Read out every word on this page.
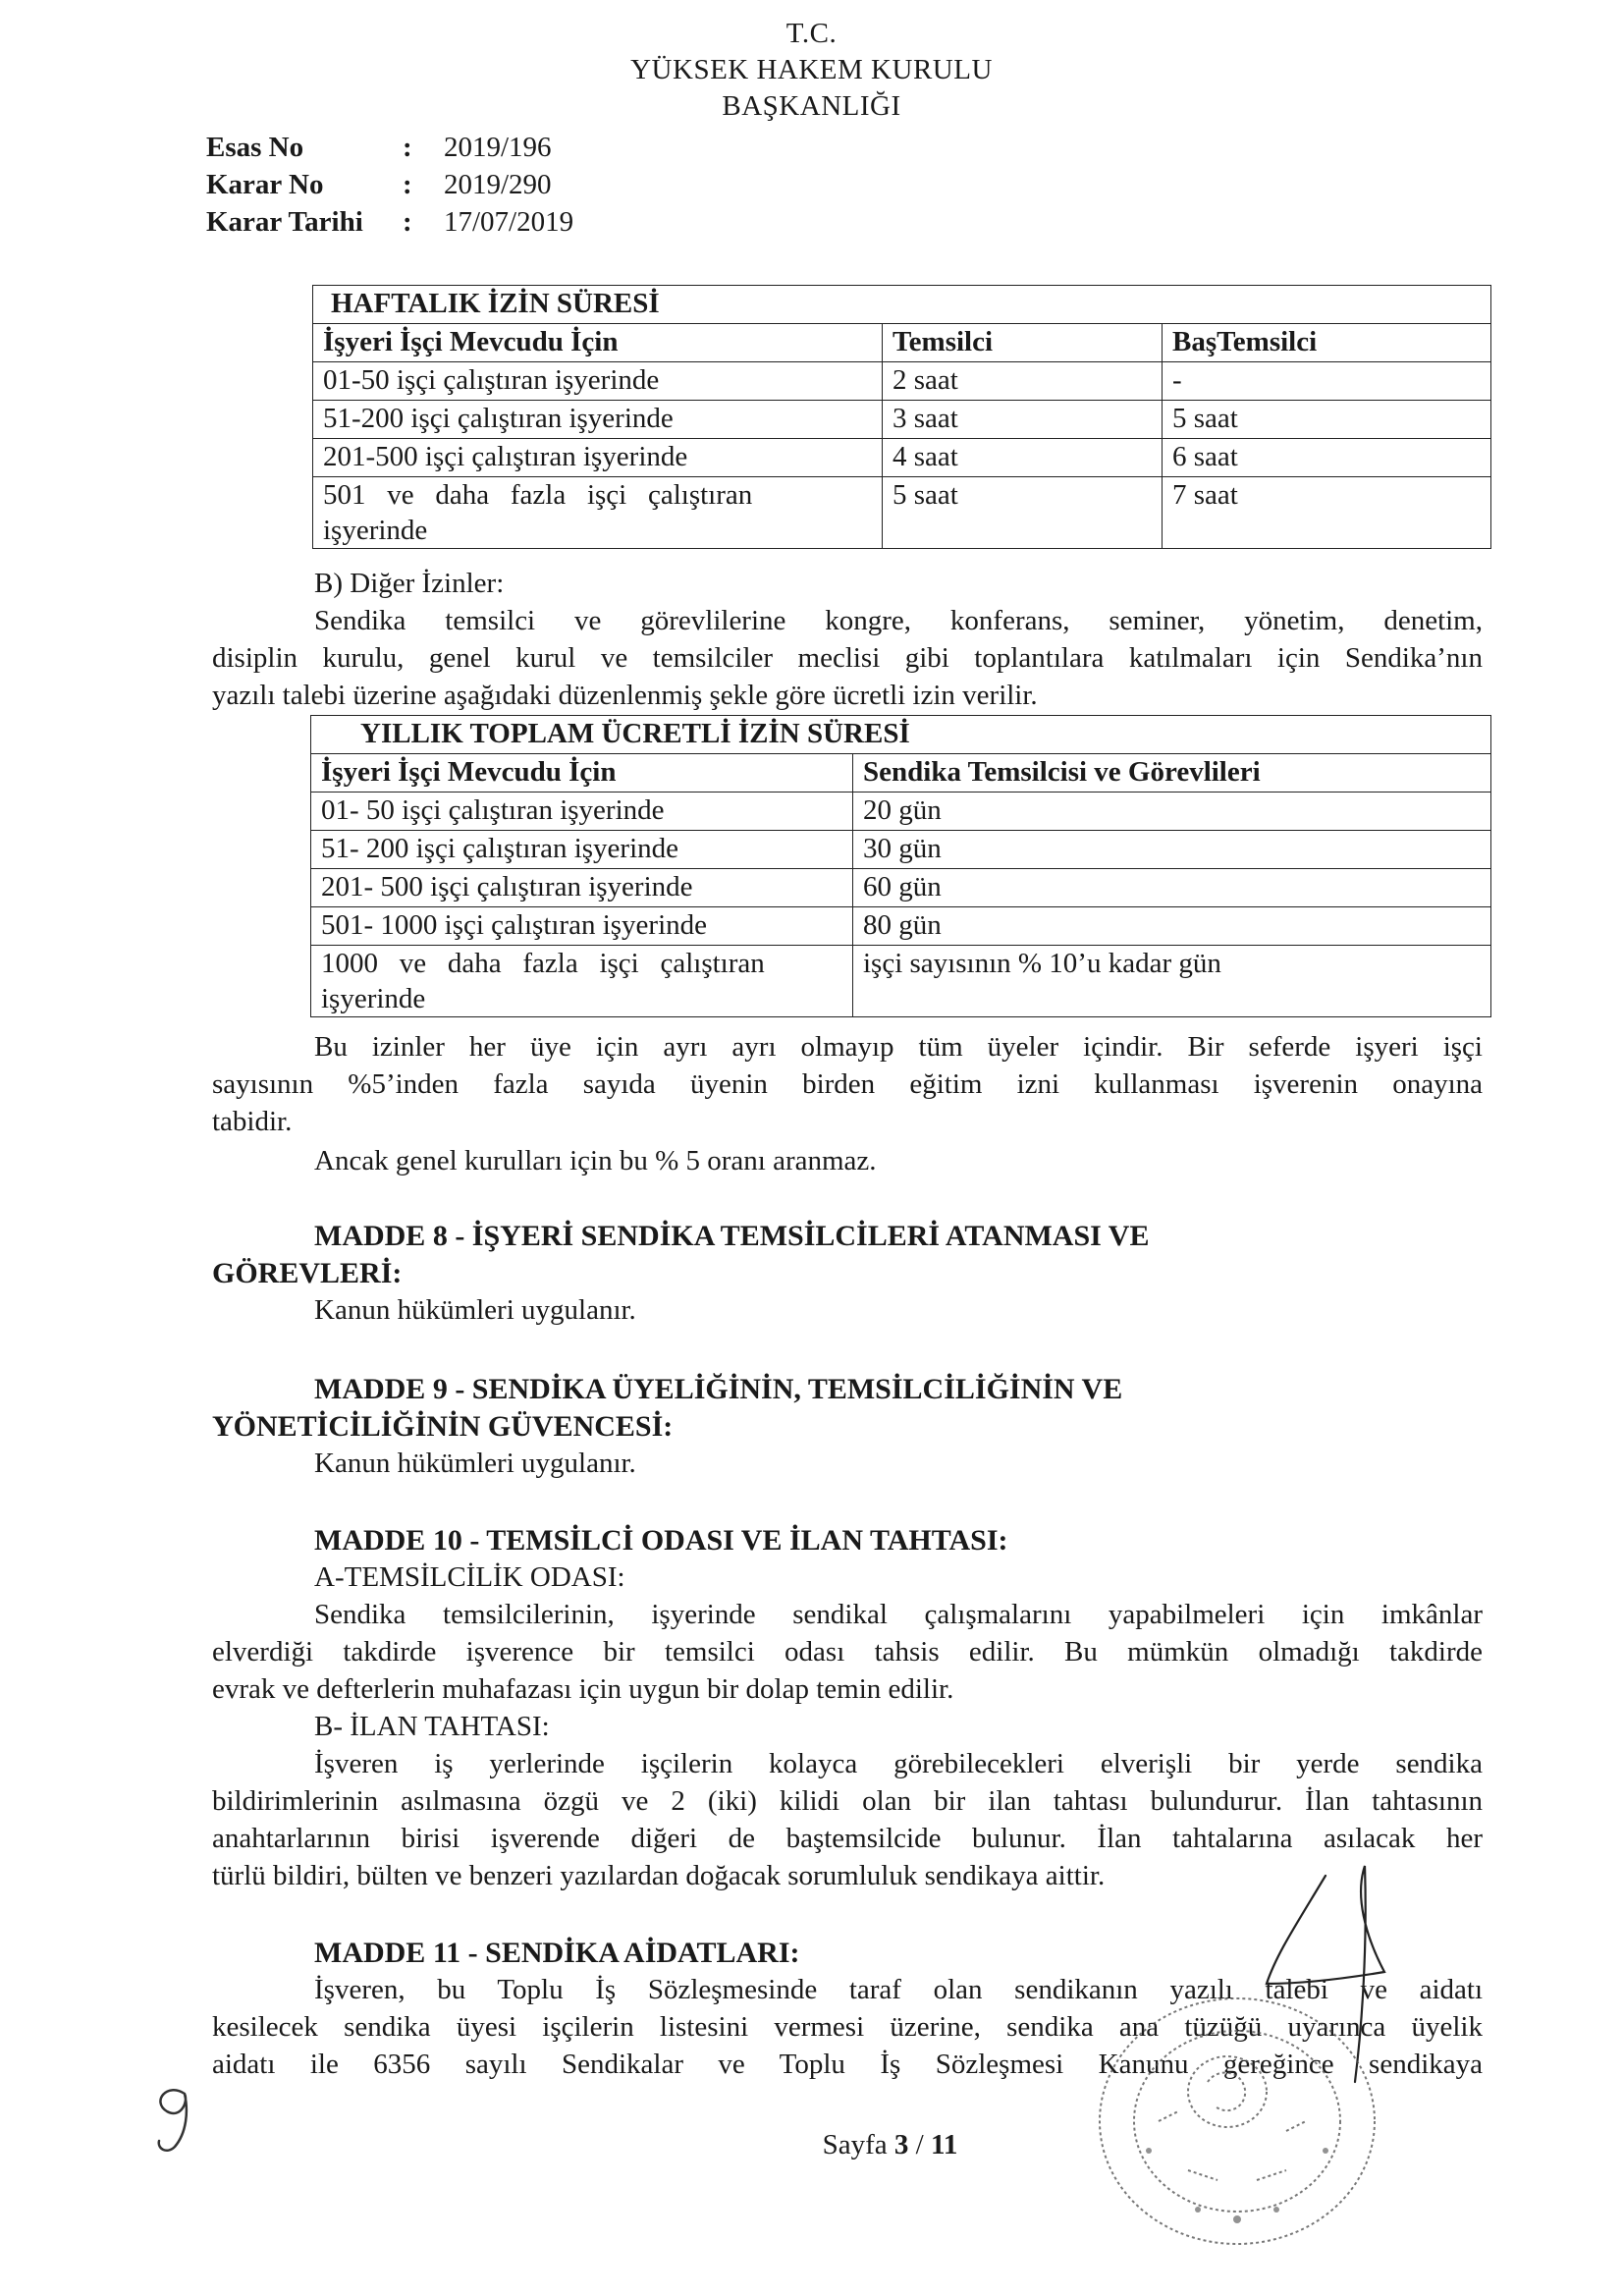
T.C.
YÜKSEK HAKEM KURULU
BAŞKANLIĞI
Esas No	: 2019/196
Karar No	: 2019/290
Karar Tarihi : 17/07/2019
HAFTALIK İZİN SÜRESİ		
İşyeri İşçi Mevcudu İçin	Temsilci	BaşTemsilci
01-50 işçi çalıştıran işyerinde	2 saat	-
51-200 işçi çalıştıran işyerinde	3 saat	5 saat
201-500 işçi çalıştıran işyerinde	4 saat	6 saat

501   ve   daha   fazla   işçi   çalıştıran
işyerinde	5 saat	7 saat
B) Diğer İzinler:
Sendika temsilci ve görevlilerine kongre, konferans, seminer, yönetim, denetim,
disiplin kurulu, genel kurul ve temsilciler meclisi gibi toplantılara katılmaları için Sendika’nın
yazılı talebi üzerine aşağıdaki düzenlenmiş şekle göre ücretli izin verilir.
YILLIK TOPLAM ÜCRETLİ İZİN SÜRESİ	
İşyeri İşçi Mevcudu İçin	Sendika Temsilcisi ve Görevlileri
01- 50 işçi çalıştıran işyerinde	20 gün
51- 200 işçi çalıştıran işyerinde	30 gün
201- 500 işçi çalıştıran işyerinde	60 gün
501- 1000 işçi çalıştıran işyerinde	80 gün

1000   ve   daha   fazla   işçi   çalıştıran
işyerinde	işçi sayısının % 10’u kadar gün
Bu izinler her üye için ayrı ayrı olmayıp tüm üyeler içindir. Bir seferde işyeri işçi
sayısının %5’inden fazla sayıda üyenin birden eğitim izni kullanması işverenin onayına
tabidir.
Ancak genel kurulları için bu % 5 oranı aranmaz.
MADDE 8 - İŞYERİ SENDİKA TEMSİLCİLERİ ATANMASI VE
GÖREVLERİ:
Kanun hükümleri uygulanır.
MADDE 9 - SENDİKA ÜYELİĞİNİN, TEMSİLCİLİĞİNİN VE
YÖNETİCİLİĞİNİN GÜVENCESİ:
Kanun hükümleri uygulanır.
MADDE 10 - TEMSİLCİ ODASI VE İLAN TAHTASI:
A-TEMSİLCİLİK ODASI:
Sendika temsilcilerinin, işyerinde sendikal çalışmalarını yapabilmeleri için imkânlar
elverdiği takdirde işverence bir temsilci odası tahsis edilir. Bu mümkün olmadığı takdirde
evrak ve defterlerin muhafazası için uygun bir dolap temin edilir.
B- İLAN TAHTASI:
İşveren iş yerlerinde işçilerin kolayca görebilecekleri elverişli bir yerde sendika
bildirimlerinin asılmasına özgü ve 2 (iki) kilidi olan bir ilan tahtası bulundurur. İlan tahtasının
anahtarlarının birisi işverende diğeri de baştemsilcide bulunur. İlan tahtalarına asılacak her
türlü bildiri, bülten ve benzeri yazılardan doğacak sorumluluk sendikaya aittir.
MADDE 11 - SENDİKA AİDATLARI:
İşveren, bu Toplu İş Sözleşmesinde taraf olan sendikanın yazılı talebi ve aidatı
kesilecek sendika üyesi işçilerin listesini vermesi üzerine, sendika ana tüzüğü uyarınca üyelik
aidatı ile 6356 sayılı Sendikalar ve Toplu İş Sözleşmesi Kanunu gereğince sendikaya
Sayfa 3 / 11
